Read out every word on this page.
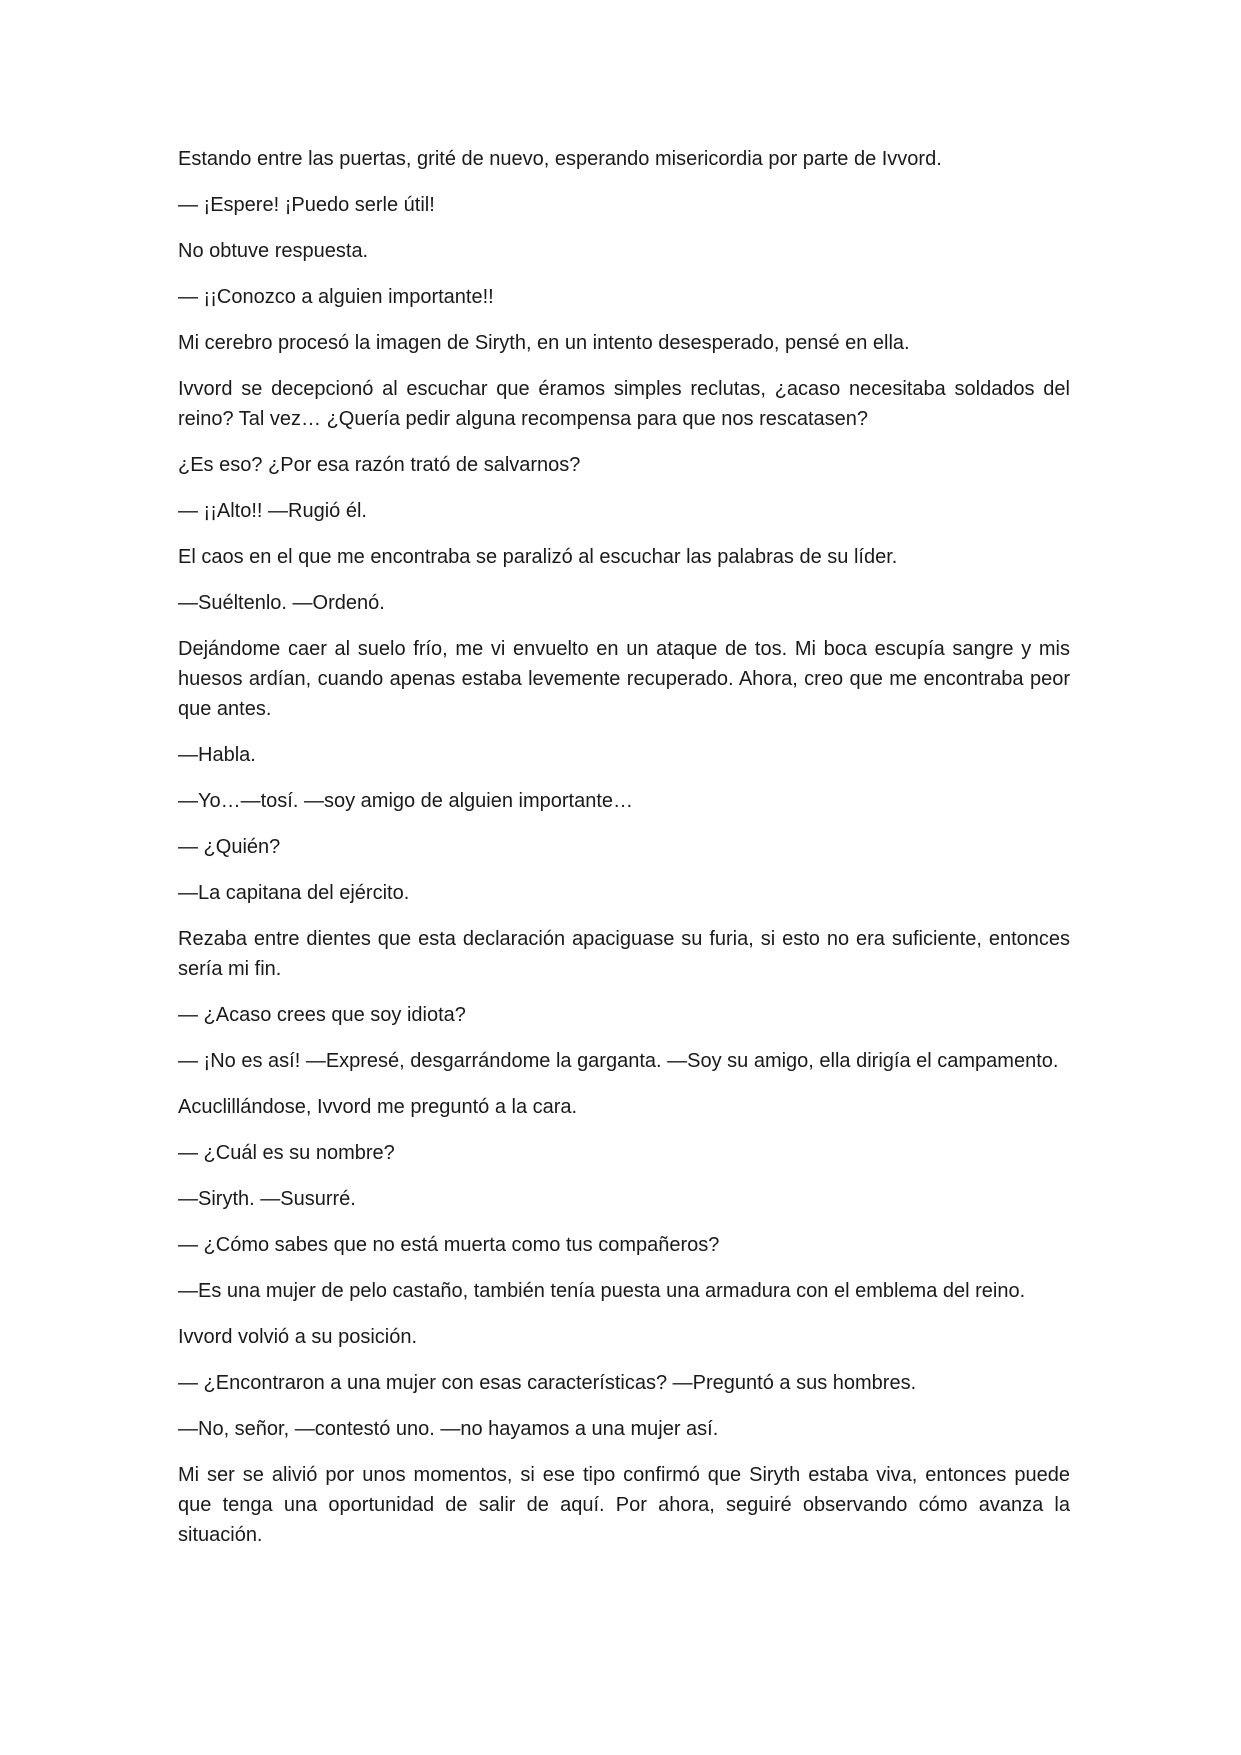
Estando entre las puertas, grité de nuevo, esperando misericordia por parte de Ivvord.

— ¡Espere! ¡Puedo serle útil!

No obtuve respuesta.

— ¡¡Conozco a alguien importante!!

Mi cerebro procesó la imagen de Siryth, en un intento desesperado, pensé en ella.

Ivvord se decepcionó al escuchar que éramos simples reclutas, ¿acaso necesitaba soldados del reino? Tal vez… ¿Quería pedir alguna recompensa para que nos rescatasen?

¿Es eso? ¿Por esa razón trató de salvarnos?

— ¡¡Alto!! —Rugió él.

El caos en el que me encontraba se paralizó al escuchar las palabras de su líder.

—Suéltenlo. —Ordenó.

Dejándome caer al suelo frío, me vi envuelto en un ataque de tos. Mi boca escupía sangre y mis huesos ardían, cuando apenas estaba levemente recuperado. Ahora, creo que me encontraba peor que antes.

—Habla.

—Yo…—tosí. —soy amigo de alguien importante…

— ¿Quién?

—La capitana del ejército.

Rezaba entre dientes que esta declaración apaciguase su furia, si esto no era suficiente, entonces sería mi fin.

— ¿Acaso crees que soy idiota?

— ¡No es así! —Expresé, desgarrándome la garganta. —Soy su amigo, ella dirigía el campamento.

Acuclillándose, Ivvord me preguntó a la cara.

— ¿Cuál es su nombre?

—Siryth. —Susurré.

— ¿Cómo sabes que no está muerta como tus compañeros?

—Es una mujer de pelo castaño, también tenía puesta una armadura con el emblema del reino.

Ivvord volvió a su posición.

— ¿Encontraron a una mujer con esas características? —Preguntó a sus hombres.

—No, señor, —contestó uno. —no hayamos a una mujer así.

Mi ser se alivió por unos momentos, si ese tipo confirmó que Siryth estaba viva, entonces puede que tenga una oportunidad de salir de aquí. Por ahora, seguiré observando cómo avanza la situación.
